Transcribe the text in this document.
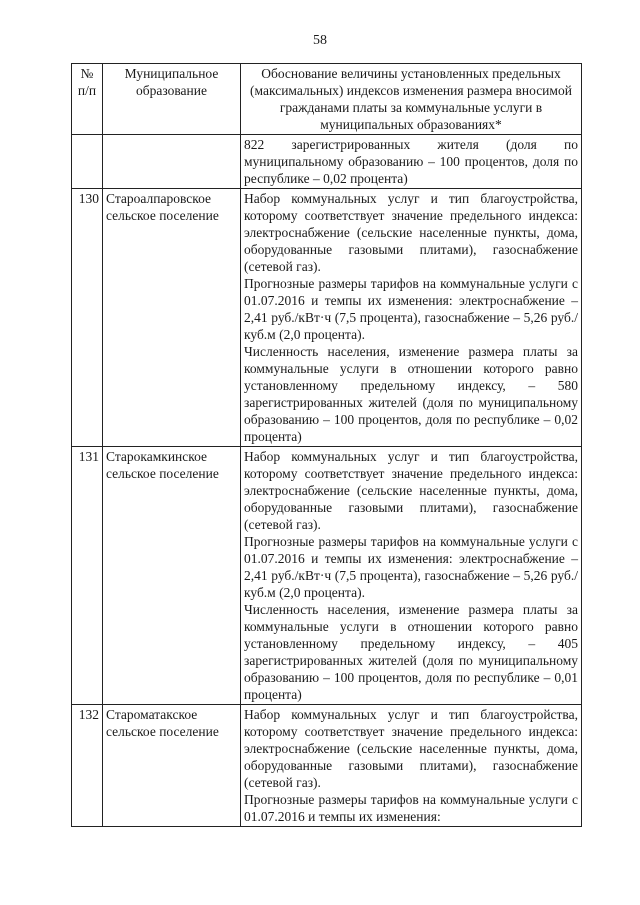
58
№ п/п	Муниципальное образование	Обоснование величины установленных предельных (максимальных) индексов изменения размера вносимой гражданами платы за коммунальные услуги в муниципальных образованиях*

		822 зарегистрированных жителя (доля по муниципальному образованию – 100 процентов, доля по республике – 0,02 процента)

130	Староалпаровское сельское поселение	Набор коммунальных услуг и тип благоустройства, которому соответствует значение предельного индекса: электроснабжение (сельские населенные пункты, дома, оборудованные газовыми плитами), газоснабжение (сетевой газ).

Прогнозные размеры тарифов на коммунальные услуги с 01.07.2016 и темпы их изменения: электроснабжение – 2,41 руб./кВт·ч (7,5 процента), газоснабжение – 5,26 руб./куб.м (2,0 процента).

Численность населения, изменение размера платы за коммунальные услуги в отношении которого равно установленному предельному индексу, – 580 зарегистрированных жителей (доля по муниципальному образованию – 100 процентов, доля по республике – 0,02 процента)

131	Старокамкинское сельское поселение	Набор коммунальных услуг и тип благоустройства, которому соответствует значение предельного индекса: электроснабжение (сельские населенные пункты, дома, оборудованные газовыми плитами), газоснабжение (сетевой газ).

Прогнозные размеры тарифов на коммунальные услуги с 01.07.2016 и темпы их изменения: электроснабжение – 2,41 руб./кВт·ч (7,5 процента), газоснабжение – 5,26 руб./куб.м (2,0 процента).

Численность населения, изменение размера платы за коммунальные услуги в отношении которого равно установленному предельному индексу, – 405 зарегистрированных жителей (доля по муниципальному образованию – 100 процентов, доля по республике – 0,01 процента)

132	Староматакское сельское поселение	Набор коммунальных услуг и тип благоустройства, которому соответствует значение предельного индекса: электроснабжение (сельские населенные пункты, дома, оборудованные газовыми плитами), газоснабжение (сетевой газ).

Прогнозные размеры тарифов на коммунальные услуги с 01.07.2016 и темпы их изменения:
